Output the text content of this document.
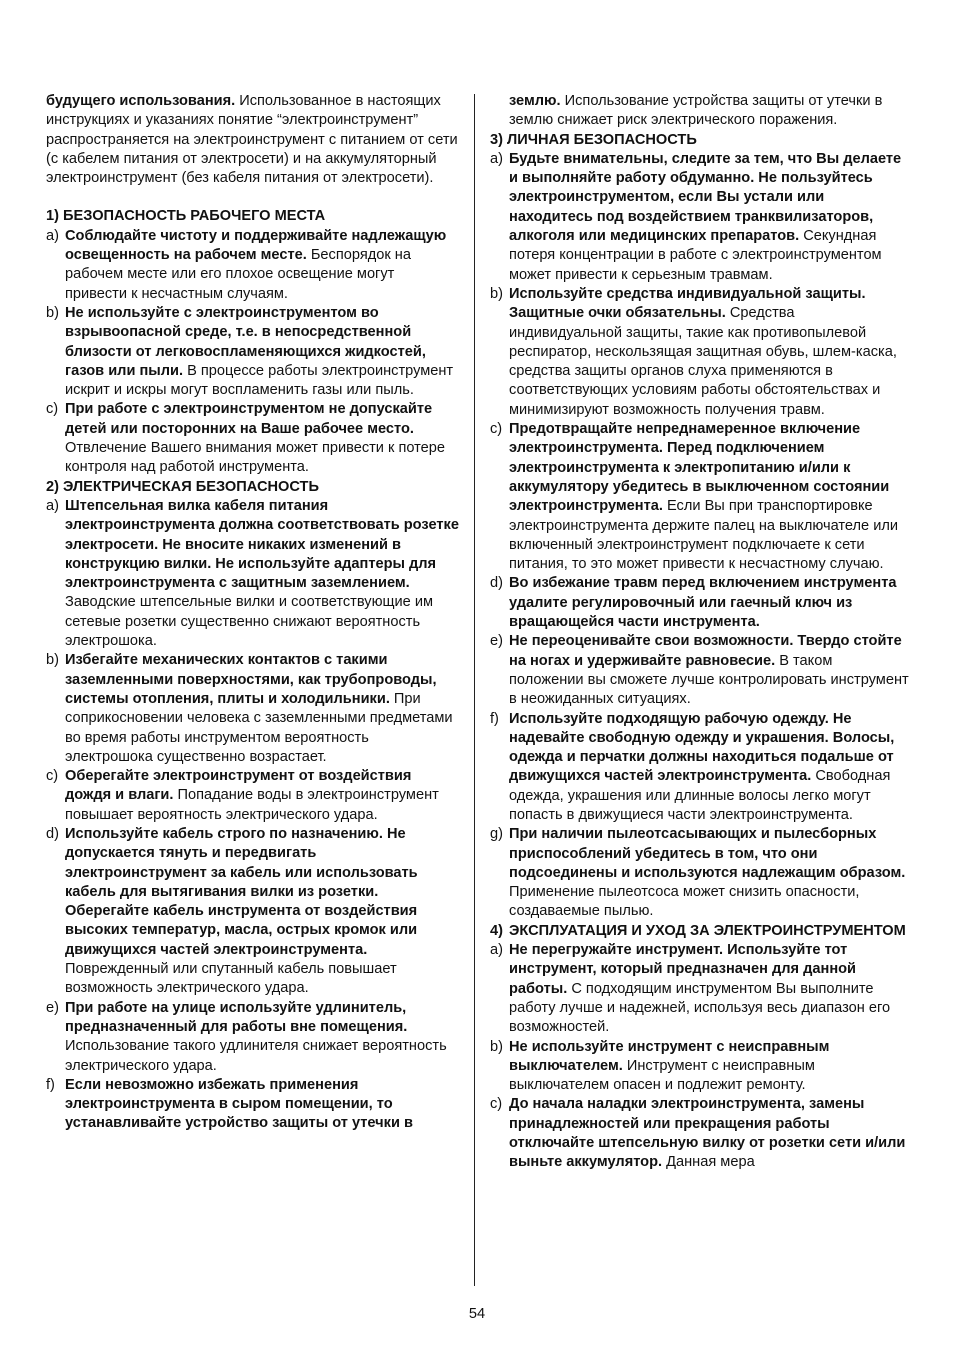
будущего использования. Использованное в настоящих инструкциях и указаниях понятие “электроинструмент” распространяется на электроинструмент с питанием от сети (с кабелем питания от электросети) и на аккумуляторный электроинструмент (без кабеля питания от электросети).

1) БЕЗОПАСНОСТЬ РАБОЧЕГО МЕСТА

a) Соблюдайте чистоту и поддерживайте надлежащую освещенность на рабочем месте. Беспорядок на рабочем месте или его плохое освещение могут привести к несчастным случаям.
b) Не используйте с электроинструментом во взрывоопасной среде, т.е. в непосредственной близости от легковоспламеняющихся жидкостей, газов или пыли. В процессе работы электроинструмент искрит и искры могут воспламенить газы или пыль.
c) При работе с электроинструментом не допускайте детей или посторонних на Ваше рабочее место. Отвлечение Вашего внимания может привести к потере контроля над работой инструмента.

2) ЭЛЕКТРИЧЕСКАЯ БЕЗОПАСНОСТЬ

a) Штепсельная вилка кабеля питания электроинструмента должна соответствовать розетке электросети. Не вносите никаких изменений в конструкцию вилки. Не используйте адаптеры для электроинструмента с защитным заземлением. Заводские штепсельные вилки и соответствующие им сетевые розетки существенно снижают вероятность электрошока.
b) Избегайте механических контактов с такими заземленными поверхностями, как трубопроводы, системы отопления, плиты и холодильники. При соприкосновении человека с заземленными предметами во время работы инструментом вероятность электрошока существенно возрастает.
c) Оберегайте электроинструмент от воздействия дождя и влаги. Попадание воды в электроинструмент повышает вероятность электрического удара.
d) Используйте кабель строго по назначению. Не допускается тянуть и передвигать электроинструмент за кабель или использовать кабель для вытягивания вилки из розетки. Оберегайте кабель инструмента от воздействия высоких температур, масла, острых кромок или движущихся частей электроинструмента. Поврежденный или спутанный кабель повышает возможность электрического удара.
e) При работе на улице используйте удлинитель, предназначенный для работы вне помещения. Использование такого удлинителя снижает вероятность электрического удара.
f) Если невозможно избежать применения электроинструмента в сыром помещении, то устанавливайте устройство защиты от утечки в

землю. Использование устройства защиты от утечки в землю снижает риск электрического поражения.

3) ЛИЧНАЯ БЕЗОПАСНОСТЬ

a) Будьте внимательны, следите за тем, что Вы делаете и выполняйте работу обдуманно. Не пользуйтесь электроинструментом, если Вы устали или находитесь под воздействием транквилизаторов, алкоголя или медицинских препаратов. Секундная потеря концентрации в работе с электроинструментом может привести к серьезным травмам.
b) Используйте средства индивидуальной защиты. Защитные очки обязательны. Средства индивидуальной защиты, такие как противопылевой респиратор, нескользящая защитная обувь, шлем-каска, средства защиты органов слуха применяются в соответствующих условиям работы обстоятельствах и минимизируют возможность получения травм.
c) Предотвращайте непреднамеренное включение электроинструмента. Перед подключением электроинструмента к электропитанию и/или к аккумулятору убедитесь в выключенном состоянии электроинструмента. Если Вы при транспортировке электроинструмента держите палец на выключателе или включенный электроинструмент подключаете к сети питания, то это может привести к несчастному случаю.
d) Во избежание травм перед включением инструмента удалите регулировочный или гаечный ключ из вращающейся части инструмента.
e) Не переоценивайте свои возможности. Твердо стойте на ногах и удерживайте равновесие. В таком положении вы сможете лучше контролировать инструмент в неожиданных ситуациях.
f) Используйте подходящую рабочую одежду. Не надевайте свободную одежду и украшения. Волосы, одежда и перчатки должны находиться подальше от движущихся частей электроинструмента. Свободная одежда, украшения или длинные волосы легко могут попасть в движущиеся части электроинструмента.
g) При наличии пылеотсасывающих и пылесборных приспособлений убедитесь в том, что они подсоединены и используются надлежащим образом. Применение пылеотсоса может снизить опасности, создаваемые пылью.
4) ЭКСПЛУАТАЦИЯ И УХОД ЗА ЭЛЕКТРОИНСТРУМЕНТОМ
a) Не перегружайте инструмент. Используйте тот инструмент, который предназначен для данной работы. С подходящим инструментом Вы выполните работу лучше и надежней, используя весь диапазон его возможностей.
b) Не используйте инструмент с неисправным выключателем. Инструмент с неисправным выключателем опасен и подлежит ремонту.
c) До начала наладки электроинструмента, замены принадлежностей или прекращения работы отключайте штепсельную вилку от розетки сети и/или выньте аккумулятор. Данная мера
54
